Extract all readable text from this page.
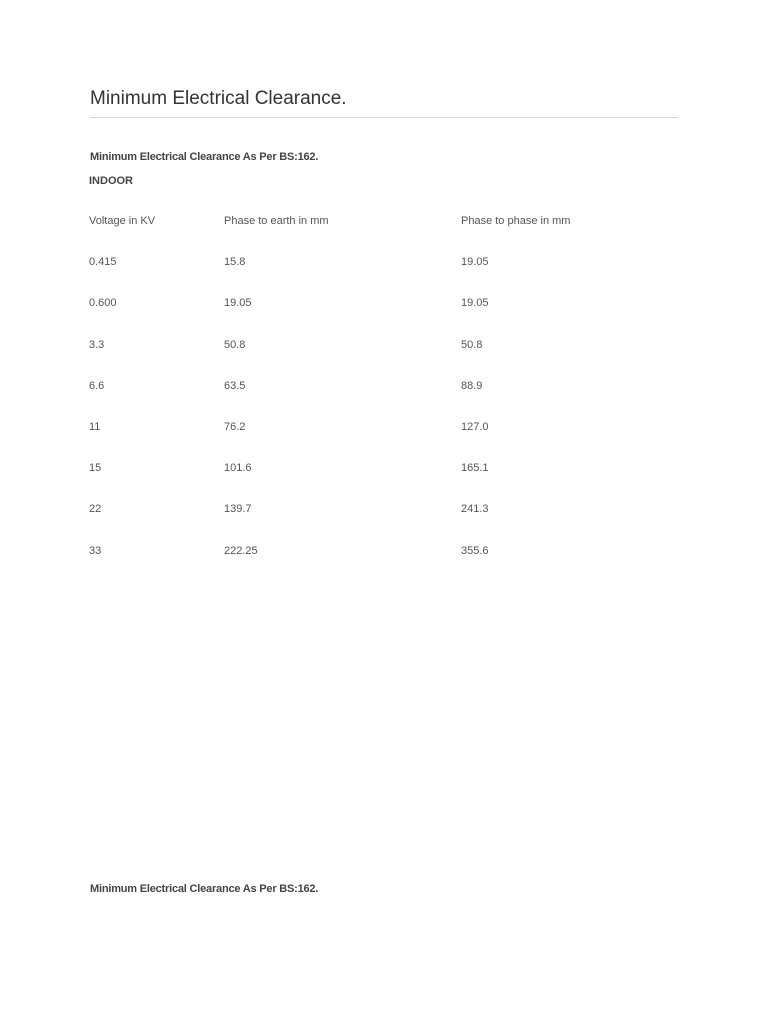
Minimum Electrical Clearance.

Minimum Electrical Clearance As Per BS:162.

INDOOR

Voltage in KV	Phase to earth in mm	Phase to phase in mm
0.415	15.8	19.05
0.600	19.05	19.05
3.3	50.8	50.8
6.6	63.5	88.9
11	76.2	127.0
15	101.6	165.1
22	139.7	241.3
33	222.25	355.6

Minimum Electrical Clearance As Per BS:162.
